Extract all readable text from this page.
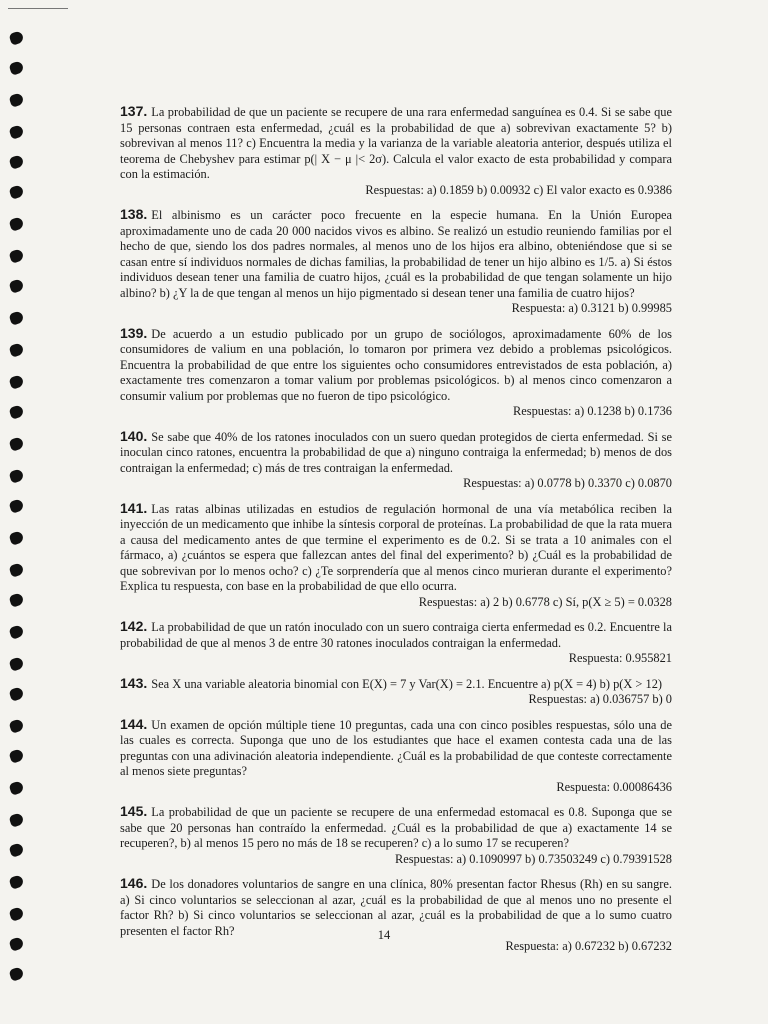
137. La probabilidad de que un paciente se recupere de una rara enfermedad sanguínea es 0.4. Si se sabe que 15 personas contraen esta enfermedad, ¿cuál es la probabilidad de que a) sobrevivan exactamente 5? b) sobrevivan al menos 11? c) Encuentra la media y la varianza de la variable aleatoria anterior, después utiliza el teorema de Chebyshev para estimar p(| X − μ |< 2σ). Calcula el valor exacto de esta probabilidad y compara con la estimación.
Respuestas: a) 0.1859 b) 0.00932 c) El valor exacto es 0.9386
138. El albinismo es un carácter poco frecuente en la especie humana. En la Unión Europea aproximadamente uno de cada 20 000 nacidos vivos es albino. Se realizó un estudio reuniendo familias por el hecho de que, siendo los dos padres normales, al menos uno de los hijos era albino, obteniéndose que si se casan entre sí individuos normales de dichas familias, la probabilidad de tener un hijo albino es 1/5. a) Si éstos individuos desean tener una familia de cuatro hijos, ¿cuál es la probabilidad de que tengan solamente un hijo albino? b) ¿Y la de que tengan al menos un hijo pigmentado si desean tener una familia de cuatro hijos?
Respuesta: a) 0.3121 b) 0.99985
139. De acuerdo a un estudio publicado por un grupo de sociólogos, aproximadamente 60% de los consumidores de valium en una población, lo tomaron por primera vez debido a problemas psicológicos. Encuentra la probabilidad de que entre los siguientes ocho consumidores entrevistados de esta población, a) exactamente tres comenzaron a tomar valium por problemas psicológicos. b) al menos cinco comenzaron a consumir valium por problemas que no fueron de tipo psicológico.
Respuestas: a) 0.1238 b) 0.1736
140. Se sabe que 40% de los ratones inoculados con un suero quedan protegidos de cierta enfermedad. Si se inoculan cinco ratones, encuentra la probabilidad de que a) ninguno contraiga la enfermedad; b) menos de dos contraigan la enfermedad; c) más de tres contraigan la enfermedad.
Respuestas: a) 0.0778 b) 0.3370 c) 0.0870
141. Las ratas albinas utilizadas en estudios de regulación hormonal de una vía metabólica reciben la inyección de un medicamento que inhibe la síntesis corporal de proteínas. La probabilidad de que la rata muera a causa del medicamento antes de que termine el experimento es de 0.2. Si se trata a 10 animales con el fármaco, a) ¿cuántos se espera que fallezcan antes del final del experimento? b) ¿Cuál es la probabilidad de que sobrevivan por lo menos ocho? c) ¿Te sorprendería que al menos cinco murieran durante el experimento? Explica tu respuesta, con base en la probabilidad de que ello ocurra.
Respuestas: a) 2 b) 0.6778 c) Sí, p(X ≥ 5) = 0.0328
142. La probabilidad de que un ratón inoculado con un suero contraiga cierta enfermedad es 0.2. Encuentre la probabilidad de que al menos 3 de entre 30 ratones inoculados contraigan la enfermedad.
Respuesta: 0.955821
143. Sea X una variable aleatoria binomial con E(X) = 7 y Var(X) = 2.1. Encuentre a) p(X = 4) b) p(X > 12)
Respuestas: a) 0.036757 b) 0
144. Un examen de opción múltiple tiene 10 preguntas, cada una con cinco posibles respuestas, sólo una de las cuales es correcta. Suponga que uno de los estudiantes que hace el examen contesta cada una de las preguntas con una adivinación aleatoria independiente. ¿Cuál es la probabilidad de que conteste correctamente al menos siete preguntas?
Respuesta: 0.00086436
145. La probabilidad de que un paciente se recupere de una enfermedad estomacal es 0.8. Suponga que se sabe que 20 personas han contraído la enfermedad. ¿Cuál es la probabilidad de que a) exactamente 14 se recuperen?, b) al menos 15 pero no más de 18 se recuperen? c) a lo sumo 17 se recuperen?
Respuestas: a) 0.1090997 b) 0.73503249 c) 0.79391528
146. De los donadores voluntarios de sangre en una clínica, 80% presentan factor Rhesus (Rh) en su sangre. a) Si cinco voluntarios se seleccionan al azar, ¿cuál es la probabilidad de que al menos uno no presente el factor Rh? b) Si cinco voluntarios se seleccionan al azar, ¿cuál es la probabilidad de que a lo sumo cuatro presenten el factor Rh?
Respuesta: a) 0.67232 b) 0.67232
14
